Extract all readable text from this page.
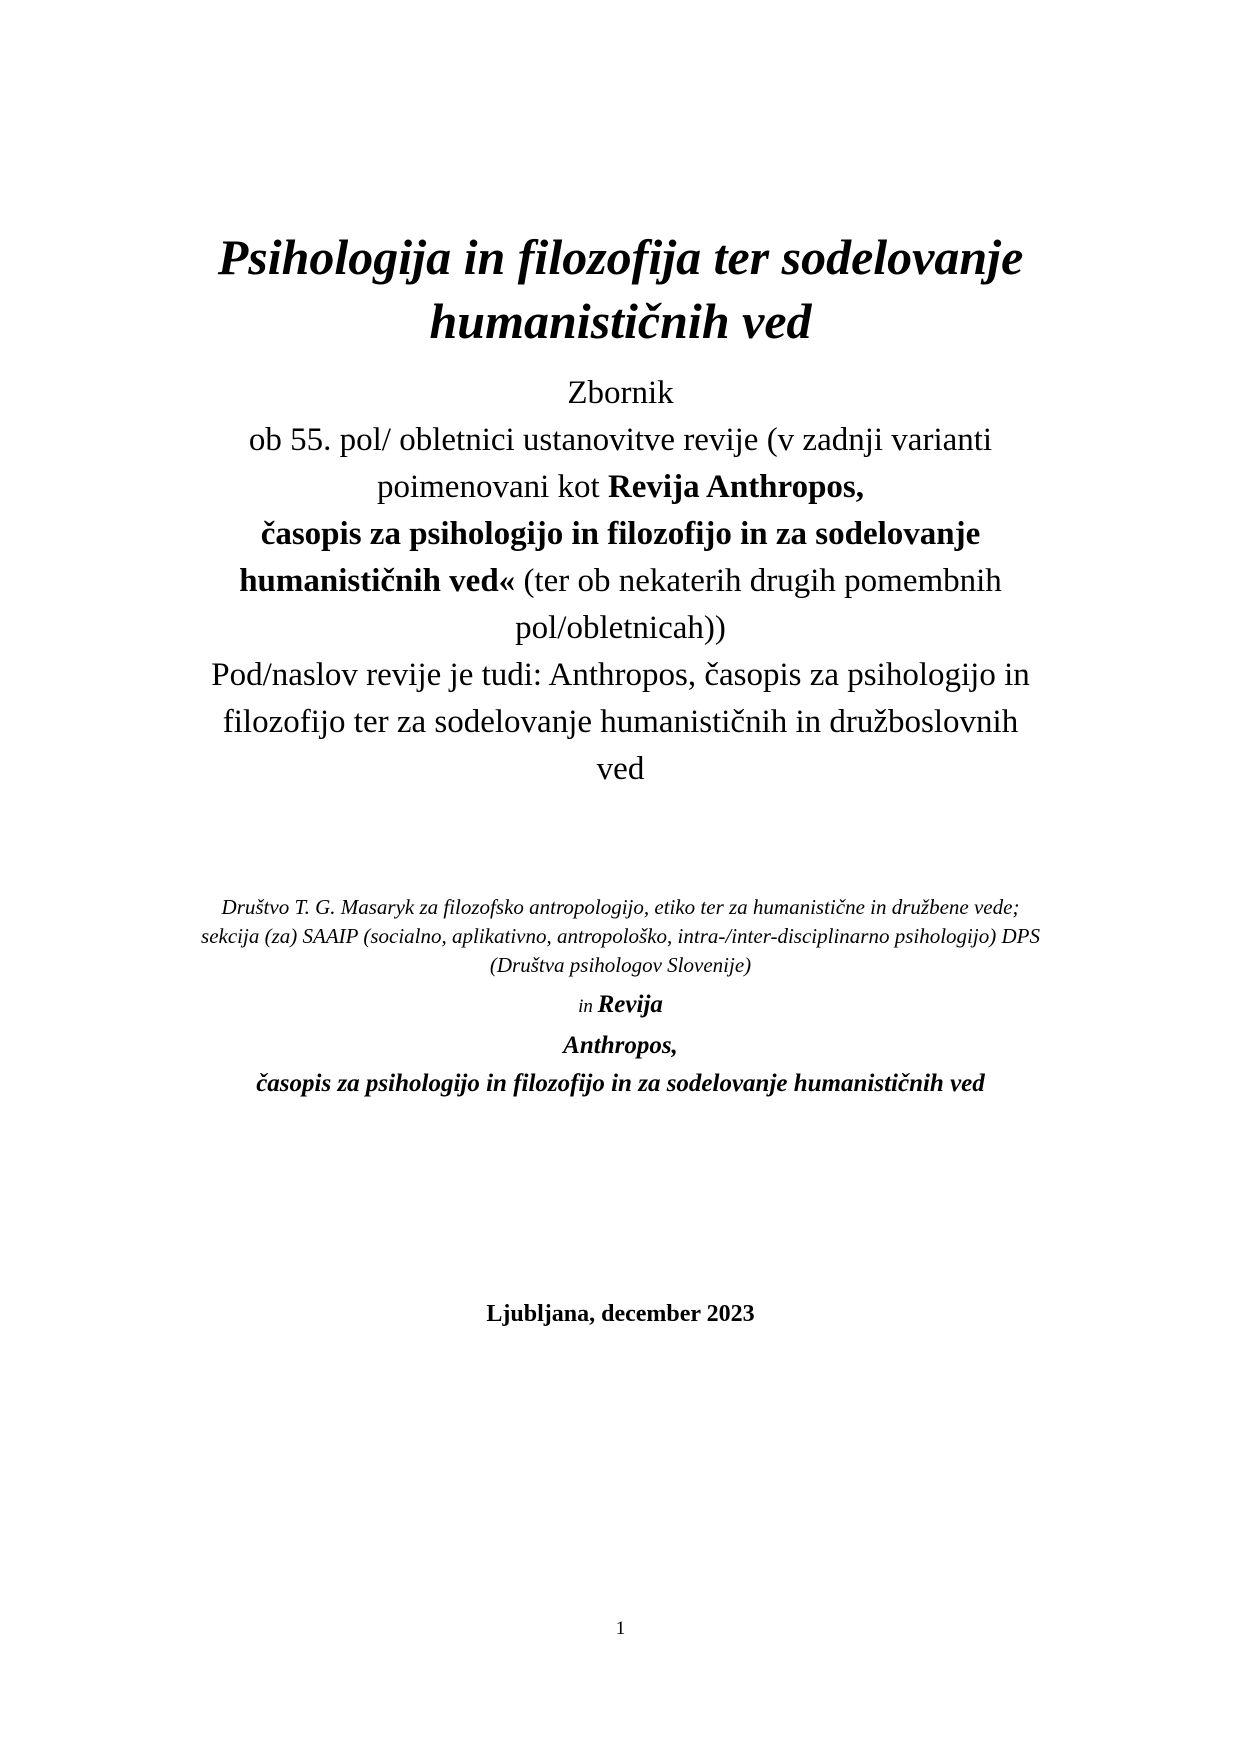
Psihologija in filozofija ter sodelovanje
humanističnih ved
Zbornik
ob 55. pol/ obletnici ustanovitve revije (v zadnji varianti
poimenovani kot Revija Anthropos,
časopis za psihologijo in filozofijo in za sodelovanje
humanističnih ved« (ter ob nekaterih drugih pomembnih
pol/obletnicah))
Pod/naslov revije je tudi: Anthropos, časopis za psihologijo in
filozofijo ter za sodelovanje humanističnih in družboslovnih
ved
Društvo T. G. Masaryk za filozofsko antropologijo, etiko ter za humanistične in družbene vede;
sekcija (za) SAAIP (socialno, aplikativno, antropološko, intra-/inter-disciplinarno psihologijo) DPS
(Društva psihologov Slovenije)
in Revija
Anthropos,
časopis za psihologijo in filozofijo in za sodelovanje humanističnih ved
Ljubljana, december 2023
1
